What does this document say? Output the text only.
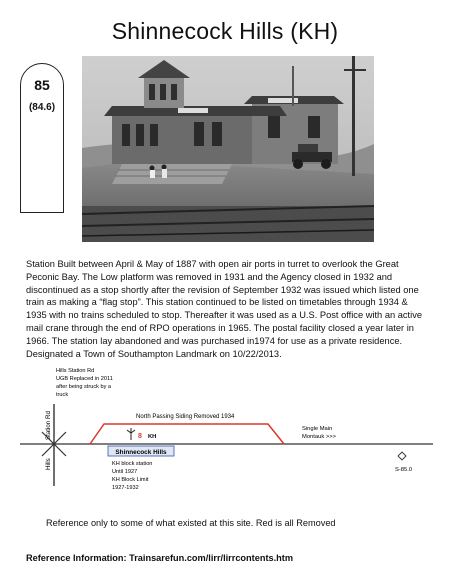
Shinnecock Hills (KH)
85
(84.6)

Station Built between April & May of 1887 with open air ports in turret to overlook the Great Peconic Bay. The Low platform was removed in 1931 and the Agency closed in 1932 and discontinued as a stop shortly after the revision of September 1932 was issued which listed one train as making a “flag stop”. This station continued to be listed on timetables through 1934 & 1935 with no trains scheduled to stop. Thereafter it was used as a U.S. Post office with an active mail crane through the end of RPO operations in 1965. The postal facility closed a year later in 1966. The station lay abandoned and was purchased in1974 for use as a private residence. Designated a Town of Southampton Landmark on 10/22/2013.

Hills Station Rd
UGB Replaced in 2011
after being struck by a
truck
Station Rd
Hills
North Passing Siding Removed 1934
8 KH
Shinnecock Hills
KH block station
Until 1927
KH Block Limit
1927-1932
Single Main
Montauk >>>
S-85.0
Reference only to some of what existed at this site. Red is all Removed
Reference Information: Trainsarefun.com/lirr/lirrcontents.htm
